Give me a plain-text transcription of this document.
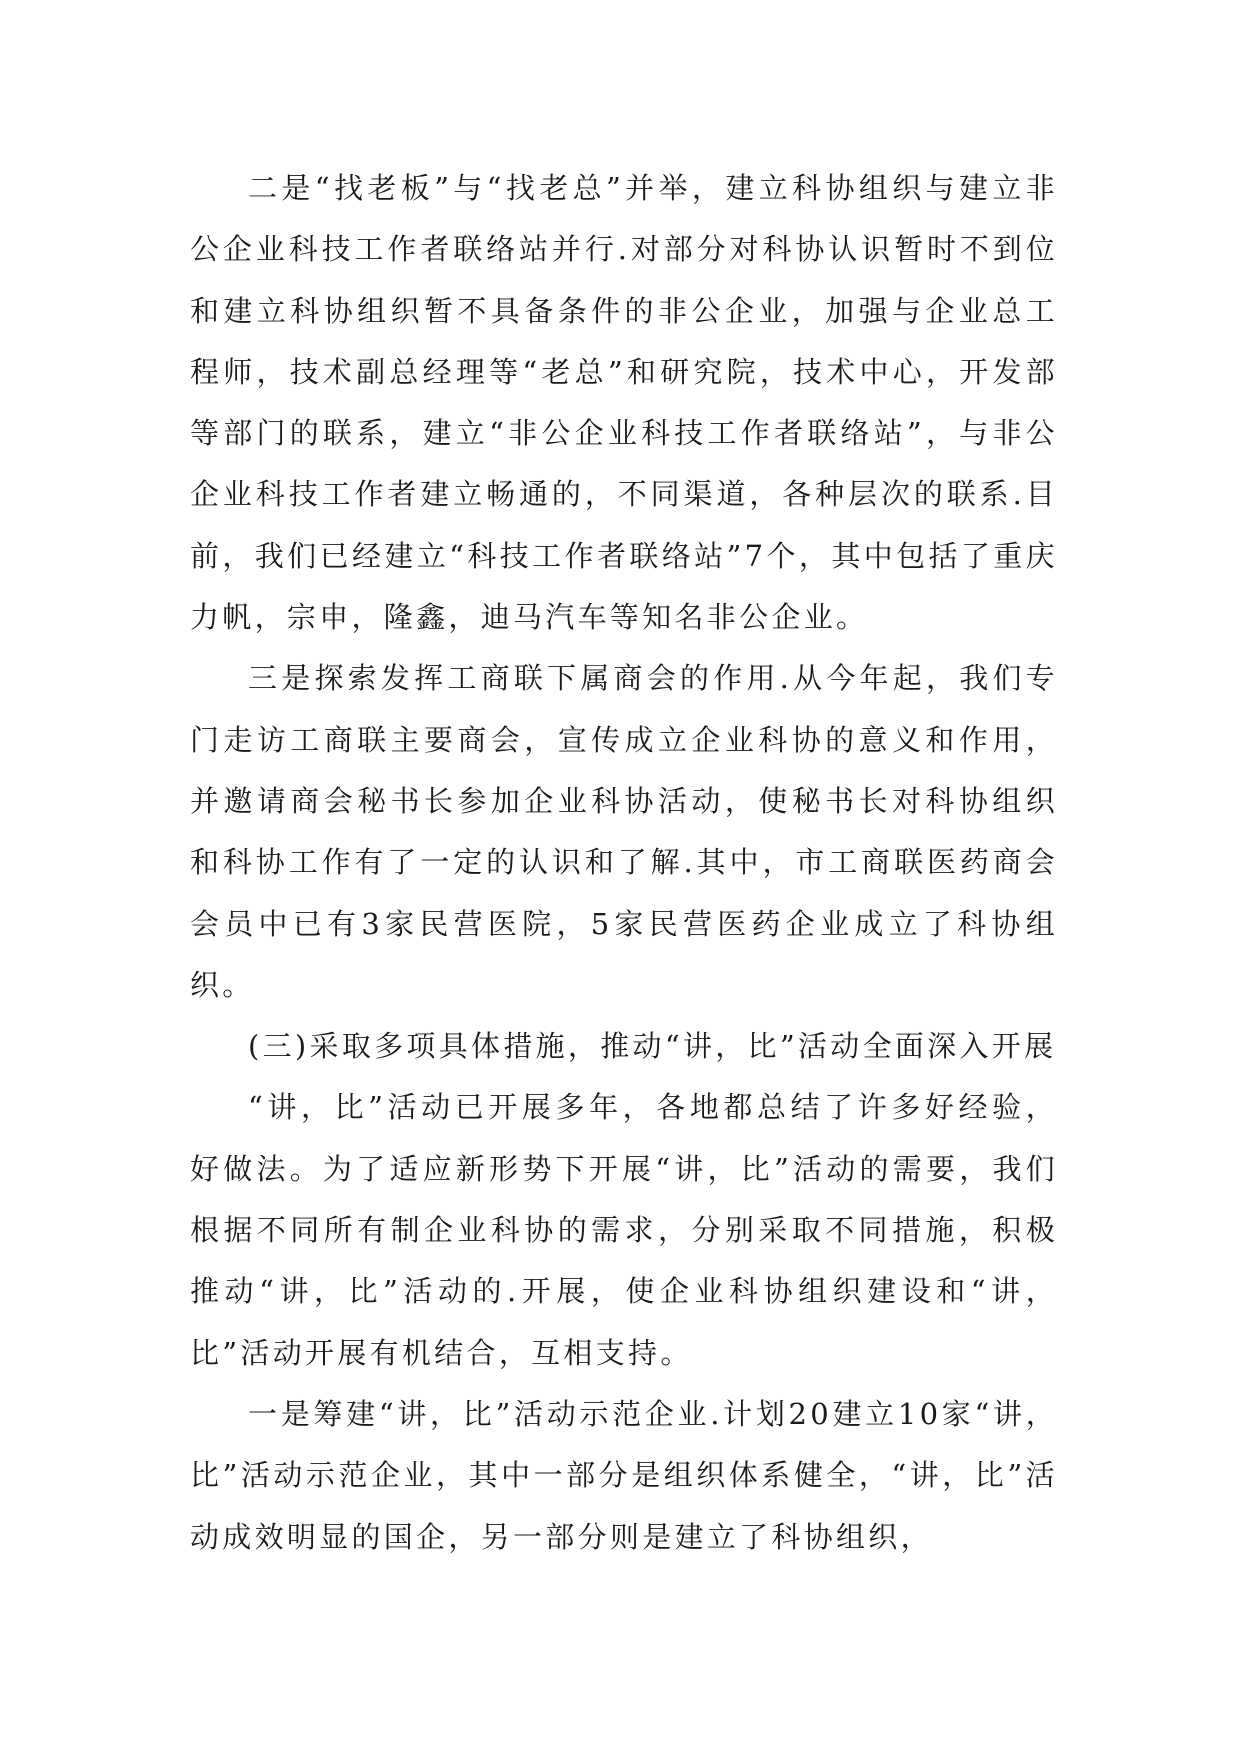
二是“找老板”与“找老总”并举，建立科协组织与建立非公企业科技工作者联络站并行.对部分对科协认识暂时不到位和建立科协组织暂不具备条件的非公企业，加强与企业总工程师，技术副总经理等“老总”和研究院，技术中心，开发部等部门的联系，建立“非公企业科技工作者联络站”，与非公企业科技工作者建立畅通的，不同渠道，各种层次的联系.目前，我们已经建立“科技工作者联络站”7个，其中包括了重庆力帆，宗申，隆鑫，迪马汽车等知名非公企业。

三是探索发挥工商联下属商会的作用.从今年起，我们专门走访工商联主要商会，宣传成立企业科协的意义和作用，并邀请商会秘书长参加企业科协活动，使秘书长对科协组织和科协工作有了一定的认识和了解.其中，市工商联医药商会会员中已有3家民营医院，5家民营医药企业成立了科协组织。

(三)采取多项具体措施，推动“讲，比”活动全面深入开展

“讲，比”活动已开展多年，各地都总结了许多好经验，好做法。为了适应新形势下开展“讲，比”活动的需要，我们根据不同所有制企业科协的需求，分别采取不同措施，积极推动“讲，比”活动的.开展，使企业科协组织建设和“讲，比”活动开展有机结合，互相支持。

一是筹建“讲，比”活动示范企业.计划20建立10家“讲，比”活动示范企业，其中一部分是组织体系健全，“讲，比”活动成效明显的国企，另一部分则是建立了科协组织，
